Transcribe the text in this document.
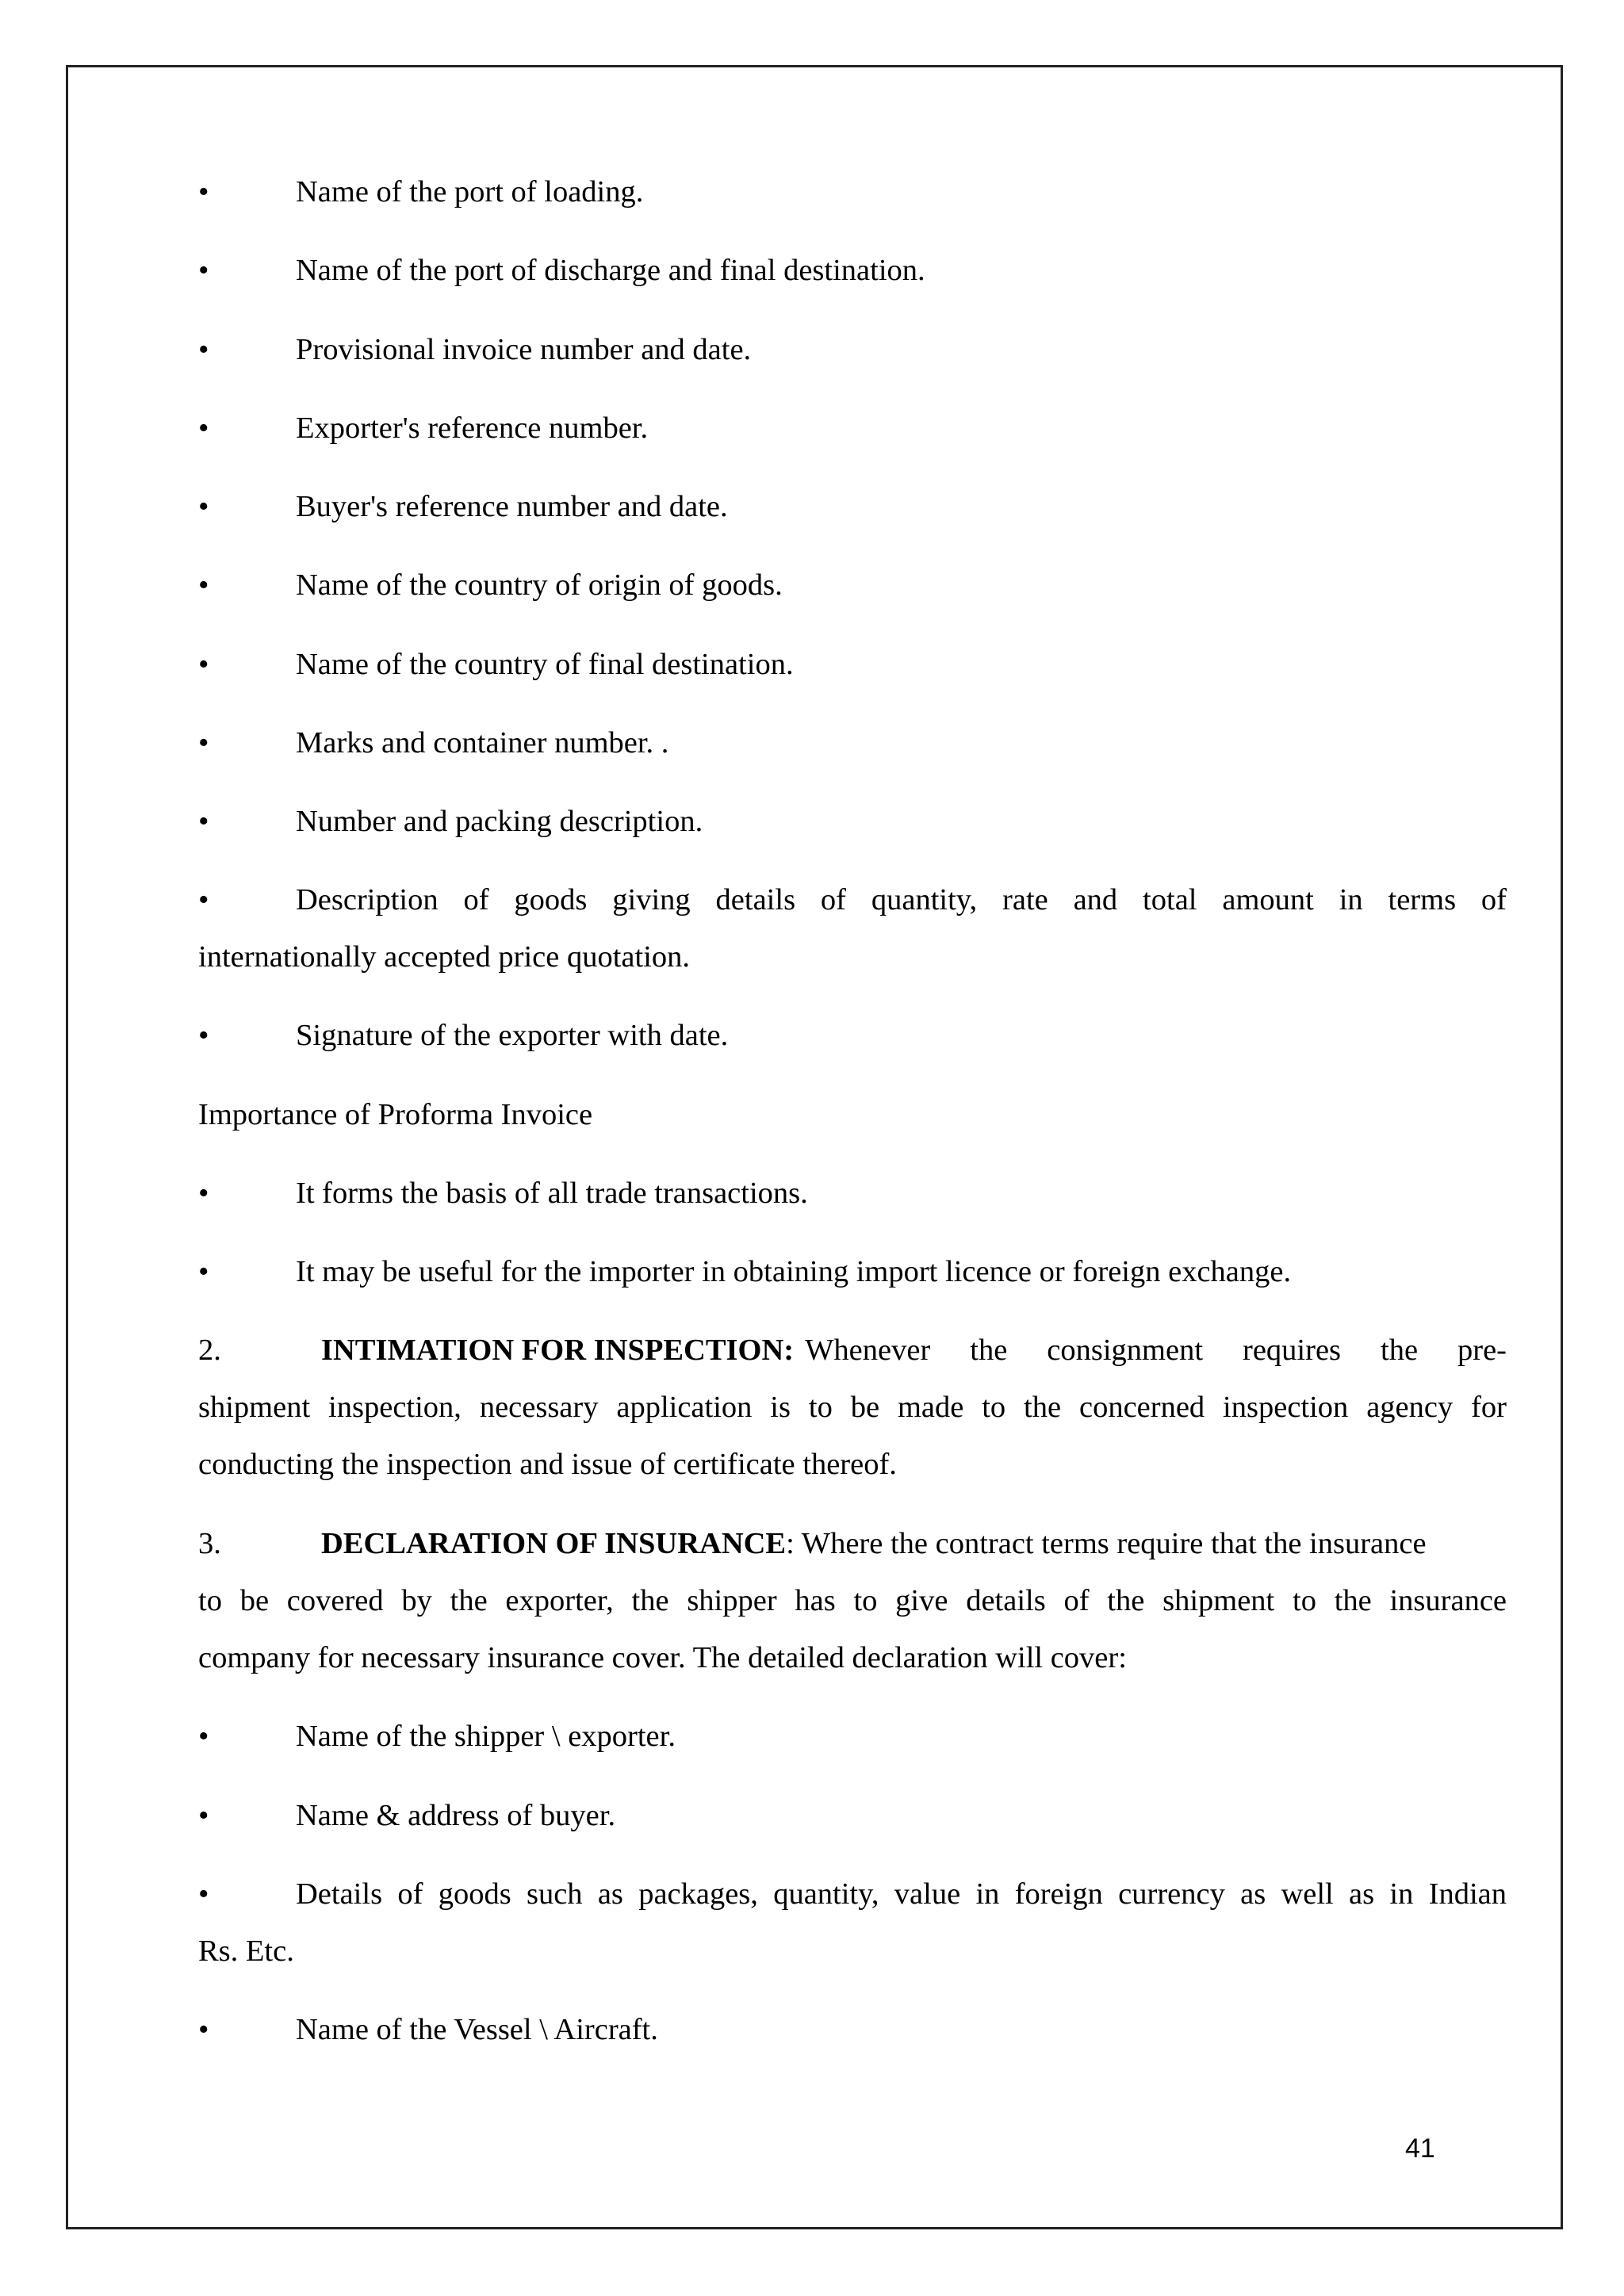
•	Name of the port of loading.
•	Name of the port of discharge and final destination.
•	Provisional invoice number and date.
•	Exporter's reference number.
•	Buyer's reference number and date.
•	Name of the country of origin of goods.
•	Name of the country of final destination.
•	Marks and container number. .
•	Number and packing description.
•	Description of goods giving details of quantity, rate and total amount in terms of
internationally accepted price quotation.
•	Signature of the exporter with date.
Importance of Proforma Invoice
•	It forms the basis of all trade transactions.
•	It may be useful for the importer in obtaining import licence or foreign exchange.
2.	INTIMATION FOR INSPECTION: Whenever the consignment requires the pre-
shipment inspection, necessary application is to be made to the concerned inspection agency for
conducting the inspection and issue of certificate thereof.
3.	DECLARATION OF INSURANCE: Where the contract terms require that the insurance
to be covered by the exporter, the shipper has to give details of the shipment to the insurance
company for necessary insurance cover. The detailed declaration will cover:
•	Name of the shipper \ exporter.
•	Name & address of buyer.
•	Details of goods such as packages, quantity, value in foreign currency as well as in Indian
Rs. Etc.
•	Name of the Vessel \ Aircraft.
41
